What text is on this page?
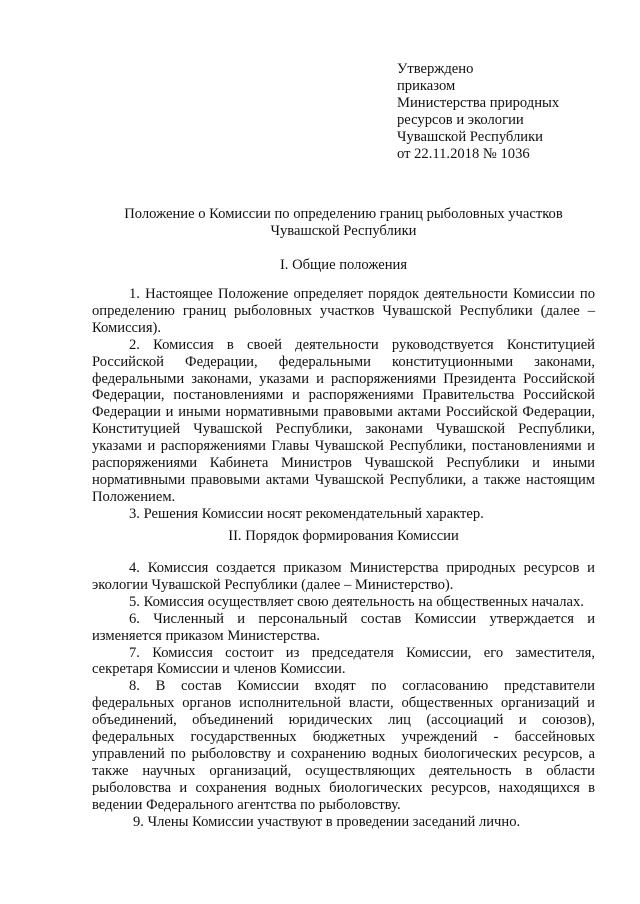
Утверждено
приказом
Министерства природных
ресурсов и экологии
Чувашской Республики
от 22.11.2018 № 1036
Положение о Комиссии по определению границ рыболовных участков
Чувашской Республики
I. Общие положения

1. Настоящее Положение определяет порядок деятельности Комиссии по определению границ рыболовных участков Чувашской Республики (далее – Комиссия).

2. Комиссия в своей деятельности руководствуется Конституцией Российской Федерации, федеральными конституционными законами, федеральными законами, указами и распоряжениями Президента Российской Федерации, постановлениями и распоряжениями Правительства Российской Федерации и иными нормативными правовыми актами Российской Федерации, Конституцией Чувашской Республики, законами Чувашской Республики, указами и распоряжениями Главы Чувашской Республики, постановлениями и распоряжениями Кабинета Министров Чувашской Республики и иными нормативными правовыми актами Чувашской Республики, а также настоящим Положением.

3. Решения Комиссии носят рекомендательный характер.

II. Порядок формирования Комиссии

4. Комиссия создается приказом Министерства природных ресурсов и экологии Чувашской Республики (далее – Министерство).

5. Комиссия осуществляет свою деятельность на общественных началах.

6. Численный и персональный состав Комиссии утверждается и изменяется приказом Министерства.

7. Комиссия состоит из председателя Комиссии, его заместителя, секретаря Комиссии и членов Комиссии.

8. В состав Комиссии входят по согласованию представители федеральных органов исполнительной власти, общественных организаций и объединений, объединений юридических лиц (ассоциаций и союзов), федеральных государственных бюджетных учреждений - бассейновых управлений по рыболовству и сохранению водных биологических ресурсов, а также научных организаций, осуществляющих деятельность в области рыболовства и сохранения водных биологических ресурсов, находящихся в ведении Федерального агентства по рыболовству.

9. Члены Комиссии участвуют в проведении заседаний лично.
